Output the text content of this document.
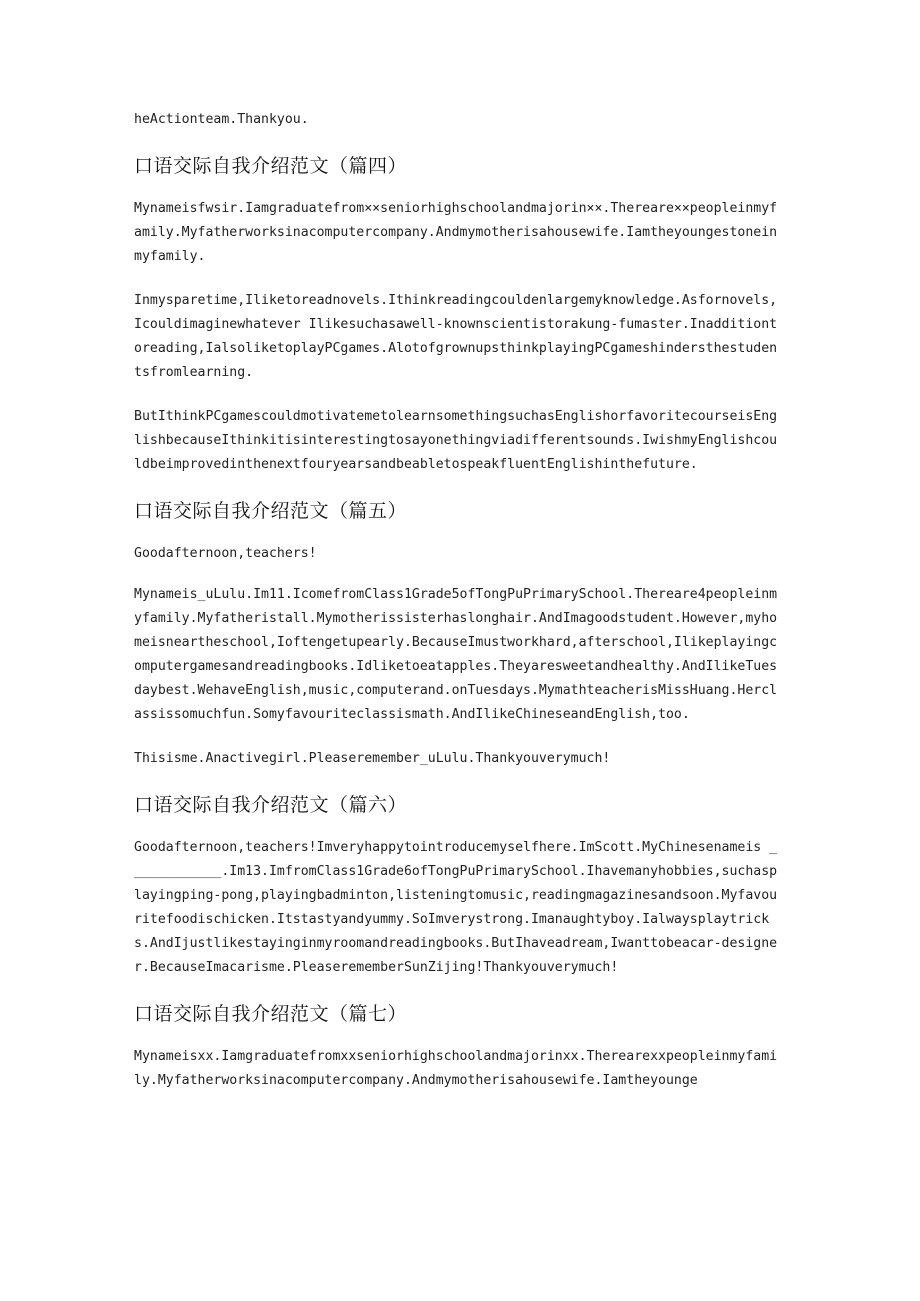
heActionteam.Thankyou.

口语交际自我介绍范文（篇四）

Mynameisfwsir.Iamgraduatefrom××seniorhighschoolandmajorin××.Thereare××peopleinmyfamily.Myfatherworksinacomputercompany.Andmymotherisahousewife.Iamtheyoungestoneinmyfamily.

Inmysparetime,Iliketoreadnovels.Ithinkreadingcouldenlargemyknowledge.Asfornovels,Icouldimaginewhatever Ilikesuchasawell-knownscientistorakung-fumaster.Inadditiontoreading,IalsoliketoplayPCgames.AlotofgrownupsthinkplayingPCgameshindersthestudentsfromlearning.

ButIthinkPCgamescouldmotivatemetolearnsomethingsuchasEnglishorfavoritecourseisEnglishbecauseIthinkitisinterestingtosayonethingviadifferentsounds.IwishmyEnglishcouldbeimprovedinthenextfouryearsandbeabletospeakfluentEnglishinthefuture.

口语交际自我介绍范文（篇五）

Goodafternoon,teachers!

Mynameis_uLulu.Im11.IcomefromClass1Grade5ofTongPuPrimarySchool.Thereare4peopleinmyfamily.Myfatheristall.Mymotherissisterhaslonghair.AndImagoodstudent.However,myhomeisneartheschool,Ioftengetupearly.BecauseImustworkhard,afterschool,Ilikeplayingcomputergamesandreadingbooks.Idliketoeatapples.Theyaresweetandhealthy.AndIlikeTuesdaybest.WehaveEnglish,music,computerand.onTuesdays.MymathteacherisMissHuang.Herclassissomuchfun.Somyfavouriteclassismath.AndIlikeChineseandEnglish,too.

Thisisme.Anactivegirl.Pleaseremember_uLulu.Thankyouverymuch!

口语交际自我介绍范文（篇六）

Goodafternoon,teachers!Imveryhappytointroducemyselfhere.ImScott.MyChinesenameis ____________.Im13.ImfromClass1Grade6ofTongPuPrimarySchool.Ihavemanyhobbies,suchasplayingping-pong,playingbadminton,listeningtomusic,readingmagazinesandsoon.Myfavouritefoodischicken.Itstastyandyummy.SoImverystrong.Imanaughtyboy.Ialwaysplaytricks.AndIjustlikestayinginmyroomandreadingbooks.ButIhaveadream,Iwanttobeacar-designer.BecauseImacarisme.PleaserememberSunZijing!Thankyouverymuch!

口语交际自我介绍范文（篇七）

Mynameisxx.Iamgraduatefromxxseniorhighschoolandmajorinxx.Therearexxpeopleinmyfamily.Myfatherworksinacomputercompany.Andmymotherisahousewife.Iamtheyounge
